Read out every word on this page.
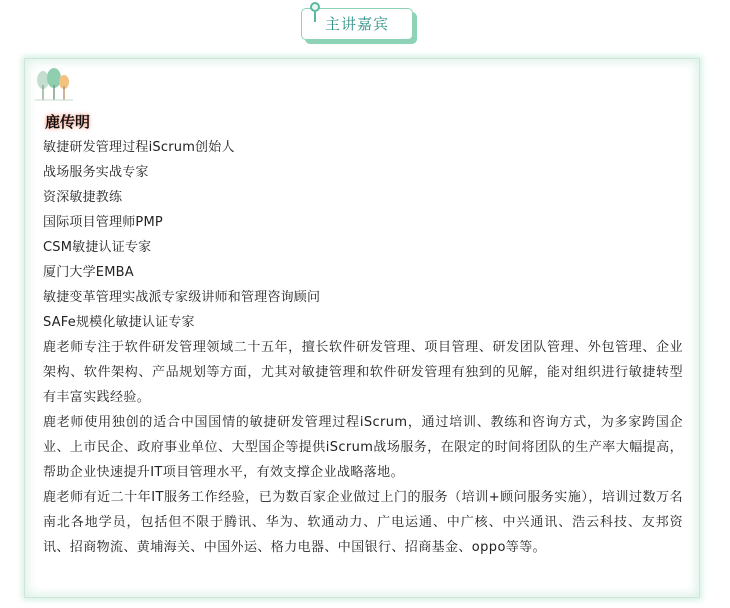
主讲嘉宾
鹿传明
敏捷研发管理过程iScrum创始人
战场服务实战专家
资深敏捷教练
国际项目管理师PMP
CSM敏捷认证专家
厦门大学EMBA
敏捷变革管理实战派专家级讲师和管理咨询顾问
SAFe规模化敏捷认证专家

鹿老师专注于软件研发管理领域二十五年，擅长软件研发管理、项目管理、研发团队管理、外包管理、企业架构、软件架构、产品规划等方面，尤其对敏捷管理和软件研发管理有独到的见解，能对组织进行敏捷转型有丰富实践经验。

鹿老师使用独创的适合中国国情的敏捷研发管理过程iScrum，通过培训、教练和咨询方式，为多家跨国企业、上市民企、政府事业单位、大型国企等提供iScrum战场服务，在限定的时间将团队的生产率大幅提高，帮助企业快速提升IT项目管理水平，有效支撑企业战略落地。

鹿老师有近二十年IT服务工作经验，已为数百家企业做过上门的服务（培训+顾问服务实施），培训过数万名南北各地学员，包括但不限于腾讯、华为、软通动力、广电运通、中广核、中兴通讯、浩云科技、友邦资讯、招商物流、黄埔海关、中国外运、格力电器、中国银行、招商基金、oppo等等。
